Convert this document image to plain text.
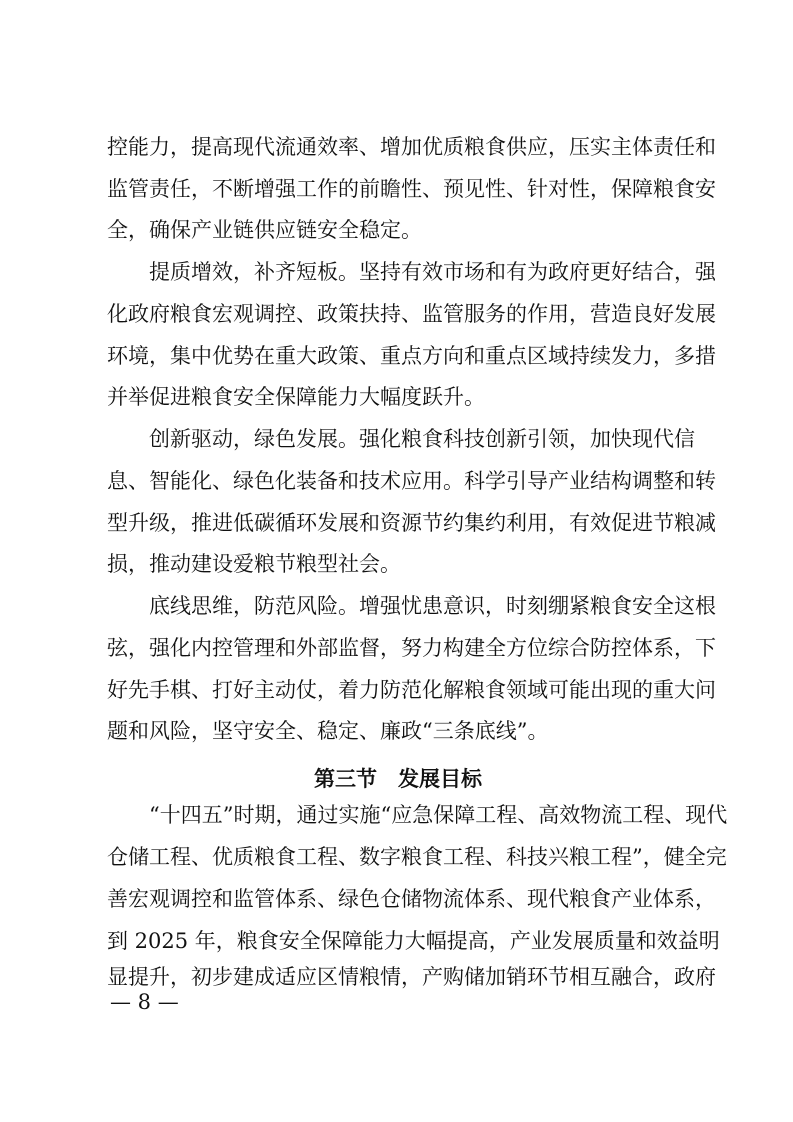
控能力，提高现代流通效率、增加优质粮食供应，压实主体责任和
监管责任，不断增强工作的前瞻性、预见性、针对性，保障粮食安
全，确保产业链供应链安全稳定。
提质增效，补齐短板。坚持有效市场和有为政府更好结合，强
化政府粮食宏观调控、政策扶持、监管服务的作用，营造良好发展
环境，集中优势在重大政策、重点方向和重点区域持续发力，多措
并举促进粮食安全保障能力大幅度跃升。
创新驱动，绿色发展。强化粮食科技创新引领，加快现代信
息、智能化、绿色化装备和技术应用。科学引导产业结构调整和转
型升级，推进低碳循环发展和资源节约集约利用，有效促进节粮减
损，推动建设爱粮节粮型社会。
底线思维，防范风险。增强忧患意识，时刻绷紧粮食安全这根
弦，强化内控管理和外部监督，努力构建全方位综合防控体系，下
好先手棋、打好主动仗，着力防范化解粮食领域可能出现的重大问
题和风险，坚守安全、稳定、廉政“三条底线”。
第三节　发展目标
“十四五”时期，通过实施“应急保障工程、高效物流工程、现代
仓储工程、优质粮食工程、数字粮食工程、科技兴粮工程”，健全完
善宏观调控和监管体系、绿色仓储物流体系、现代粮食产业体系，
到 2025 年，粮食安全保障能力大幅提高，产业发展质量和效益明
显提升，初步建成适应区情粮情，产购储加销环节相互融合，政府
— 8 —
